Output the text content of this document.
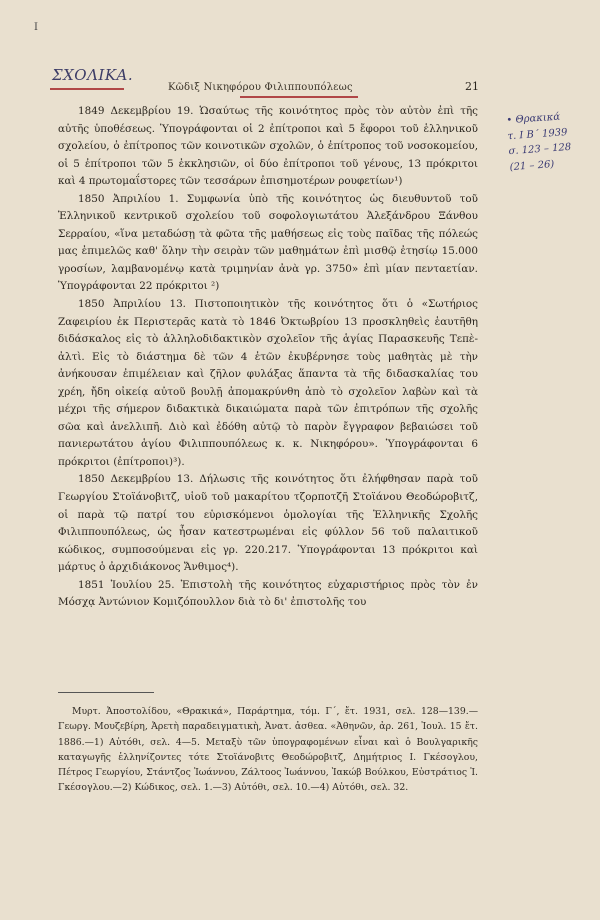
I
ΣΧΟΛΙΚΑ.
Κῶδιξ Νικηφόρου Φιλιππουπόλεως	21
• Θρακικά
τ. Ι Β΄ 1939
σ. 123 – 128
(21 – 26)

1849 Δεκεμβρίου 19. Ὡσαύτως τῆς κοινότητος πρὸς τὸν αὐτὸν ἐπὶ τῆς αὐτῆς ὑποθέσεως. Ὑπογράφονται οἱ 2 ἐπίτροποι καὶ 5 ἔφοροι τοῦ ἑλληνικοῦ σχολείου, ὁ ἐπίτροπος τῶν κοινοτικῶν σχολῶν, ὁ ἐπίτροπος τοῦ νοσοκομείου, οἱ 5 ἐπίτροποι τῶν 5 ἐκκλησιῶν, οἱ δύο ἐπίτροποι τοῦ γένους, 13 πρόκριτοι καὶ 4 πρωτομαΐστορες τῶν τεσσάρων ἐπισημοτέρων ρουφετίων¹)

1850 Ἀπριλίου 1. Συμφωνία ὑπὸ τῆς κοινότητος ὡς διευθυντοῦ τοῦ Ἑλληνικοῦ κεντρικοῦ σχολείου τοῦ σοφολογιωτάτου Ἀλεξάνδρου Ξάνθου Σερραίου, «ἵνα μεταδώσῃ τὰ φῶτα τῆς μαθήσεως εἰς τοὺς παῖδας τῆς πόλεώς μας ἐπιμελῶς καθ' ὅλην τὴν σειρὰν τῶν μαθημάτων ἐπὶ μισθῷ ἐτησίῳ 15.000 γροσίων, λαμβανομένῳ κατὰ τριμηνίαν ἀνὰ γρ. 3750» ἐπὶ μίαν πενταετίαν. Ὑπογράφονται 22 πρόκριτοι ²)

1850 Ἀπριλίου 13. Πιστοποιητικὸν τῆς κοινότητος ὅτι ὁ «Σωτήριος Ζαφειρίου ἐκ Περιστερᾶς κατὰ τὸ 1846 Ὀκτωβρίου 13 προσκληθεὶς ἑαυτῆθη διδάσκαλος εἰς τὸ ἀλληλοδιδακτικὸν σχολεῖον τῆς ἁγίας Παρασκευῆς Τεπὲ-ἀλτὶ. Εἰς τὸ διάστημα δὲ τῶν 4 ἐτῶν ἐκυβέρνησε τοὺς μαθητὰς μὲ τὴν ἀνήκουσαν ἐπιμέλειαν καὶ ζῆλον φυλάξας ἅπαντα τὰ τῆς διδασκαλίας του χρέη, ἤδη οἰκείᾳ αὐτοῦ βουλῇ ἀπομακρύνθη ἀπὸ τὸ σχολεῖον λαβὼν καὶ τὰ μέχρι τῆς σήμερον διδακτικὰ δικαιώματα παρὰ τῶν ἐπιτρόπων τῆς σχολῆς σῶα καὶ ἀνελλιπῆ. Διὸ καὶ ἐδόθη αὐτῷ τὸ παρὸν ἔγγραφον βεβαιώσει τοῦ πανιερωτάτου ἁγίου Φιλιππουπόλεως κ. κ. Νικηφόρου». Ὑπογράφονται 6 πρόκριτοι (ἐπίτροποι)³).

1850 Δεκεμβρίου 13. Δήλωσις τῆς κοινότητος ὅτι ἐλήφθησαν παρὰ τοῦ Γεωργίου Στοϊάνοβιτζ, υἱοῦ τοῦ μακαρίτου τζορποτζῆ Στοϊάνου Θεοδώροβιτζ, οἱ παρὰ τῷ πατρί του εὑρισκόμενοι ὁμολογίαι τῆς Ἑλληνικῆς Σχολῆς Φιλιππουπόλεως, ὡς ἦσαν κατεστρωμέναι εἰς φύλλον 56 τοῦ παλαιτικοῦ κώδικος, συμποσούμεναι εἰς γρ. 220.217. Ὑπογράφονται 13 πρόκριτοι καὶ μάρτυς ὁ ἀρχιδιάκονος Ἄνθιμος⁴).

1851 Ἰουλίου 25. Ἐπιστολὴ τῆς κοινότητος εὐχαριστήριος πρὸς τὸν ἐν Μόσχᾳ Ἀντώνιον Κομιζόπουλλον διὰ τὸ δι' ἐπιστολῆς του

Μυρτ. Ἀποστολίδου, «Θρακικά», Παράρτημα, τόμ. Γ΄, ἔτ. 1931, σελ. 128—139.—Γεωργ. Μουζεβίρη, Ἀρετὴ παραδειγματικὴ, Ἀνατ. ἀσθεα. «Ἀθηνῶν, ἀρ. 261, Ἰουλ. 15 ἔτ. 1886.—1) Αὐτόθι, σελ. 4—5. Μεταξὺ τῶν ὑπογραφομένων εἶναι καὶ ὁ Βουλγαρικῆς καταγωγῆς ἑλληνίζοντες τότε Στοϊάνοβιτς Θεοδώροβιτζ, Δημήτριος Ι. Γκέσογλου, Πέτρος Γεωργίου, Στάντζος Ἰωάννου, Ζάλτοος Ἰωάννου, Ἰακώβ Βούλκου, Εὐστράτιος Ἰ. Γκέσογλου.—2) Κώδικος, σελ. 1.—3) Αὐτόθι, σελ. 10.—4) Αὐτόθι, σελ. 32.
